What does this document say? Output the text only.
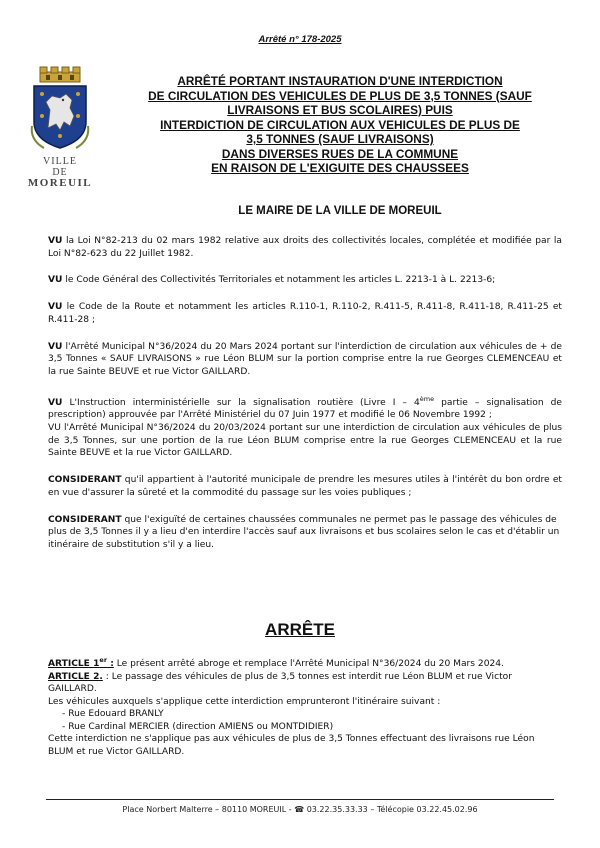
Arrêté n° 178-2025
VILLE
DE
MOREUIL
ARRÊTÉ PORTANT INSTAURATION D'UNE INTERDICTION
DE CIRCULATION DES VEHICULES DE PLUS DE 3,5 TONNES (SAUF
LIVRAISONS ET BUS SCOLAIRES) PUIS
INTERDICTION DE CIRCULATION AUX VEHICULES DE PLUS DE
3,5 TONNES (SAUF LIVRAISONS)
DANS DIVERSES RUES DE LA COMMUNE
EN RAISON DE L'EXIGUITE DES CHAUSSEES
LE MAIRE DE LA VILLE DE MOREUIL

VU la Loi N°82-213 du 02 mars 1982 relative aux droits des collectivités locales, complétée et modifiée par la Loi N°82-623 du 22 Juillet 1982.

VU le Code Général des Collectivités Territoriales et notamment les articles L. 2213-1 à L. 2213-6;

VU le Code de la Route et notamment les articles R.110-1, R.110-2, R.411-5, R.411-8, R.411-18, R.411-25 et R.411-28 ;

VU l'Arrêté Municipal N°36/2024 du 20 Mars 2024 portant sur l'interdiction de circulation aux véhicules de + de 3,5 Tonnes « SAUF LIVRAISONS » rue Léon BLUM sur la portion comprise entre la rue Georges CLEMENCEAU et la rue Sainte BEUVE et rue Victor GAILLARD.

VU L'Instruction interministérielle sur la signalisation routière (Livre I – 4ème partie – signalisation de prescription) approuvée par l'Arrêté Ministériel du 07 Juin 1977 et modifié le 06 Novembre 1992 ;

VU l'Arrêté Municipal N°36/2024 du 20/03/2024 portant sur une interdiction de circulation aux véhicules de plus de 3,5 Tonnes, sur une portion de la rue Léon BLUM comprise entre la rue Georges CLEMENCEAU et la rue Sainte BEUVE et la rue Victor GAILLARD.

CONSIDERANT qu'il appartient à l'autorité municipale de prendre les mesures utiles à l'intérêt du bon ordre et en vue d'assurer la sûreté et la commodité du passage sur les voies publiques ;

CONSIDERANT que l'exiguïté de certaines chaussées communales ne permet pas le passage des véhicules de plus de 3,5 Tonnes il y a lieu d'en interdire l'accès sauf aux livraisons et bus scolaires selon le cas et d'établir un itinéraire de substitution s'il y a lieu.

ARRÊTE

ARTICLE 1er : Le présent arrêté abroge et remplace l'Arrêté Municipal N°36/2024 du 20 Mars 2024.

ARTICLE 2. : Le passage des véhicules de plus de 3,5 tonnes est interdit rue Léon BLUM et rue Victor GAILLARD.

Les véhicules auxquels s'applique cette interdiction emprunteront l'itinéraire suivant :

- Rue Edouard BRANLY
- Rue Cardinal MERCIER (direction AMIENS ou MONTDIDIER)

Cette interdiction ne s'applique pas aux véhicules de plus de 3,5 Tonnes effectuant des livraisons rue Léon BLUM et rue Victor GAILLARD.

Place Norbert Malterre – 80110 MOREUIL - ☎ 03.22.35.33.33 – Télécopie 03.22.45.02.96
